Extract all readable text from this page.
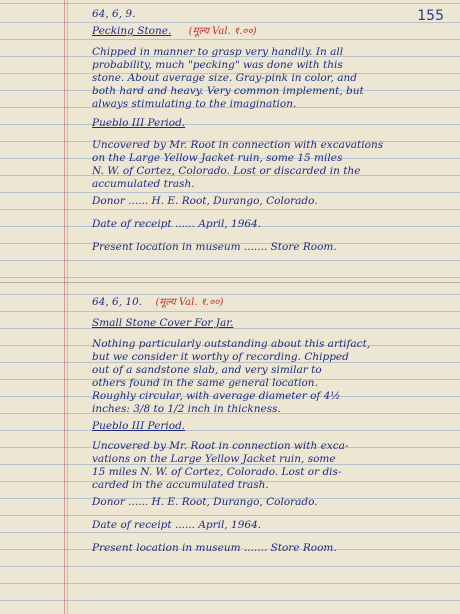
155
64, 6, 9.
Pecking Stone. (मूल्य Val. १.००)
Chipped in manner to grasp very handily. In all
probability, much "pecking" was done with this
stone. About average size. Gray-pink in color, and
both hard and heavy. Very common implement, but
always stimulating to the imagination.
Pueblo III Period.
Uncovered by Mr. Root in connection with excavations
on the Large Yellow Jacket ruin, some 15 miles
N. W. of Cortez, Colorado. Lost or discarded in the
accumulated trash.
Donor ...... H. E. Root, Durango, Colorado.
Date of receipt ...... April, 1964.
Present location in museum ....... Store Room.
64, 6, 10. (मूल्य Val. १.००)
Small Stone Cover For Jar.
Nothing particularly outstanding about this artifact,
but we consider it worthy of recording. Chipped
out of a sandstone slab, and very similar to
others found in the same general location.
Roughly circular, with average diameter of 4½
inches: 3/8 to 1/2 inch in thickness.
Pueblo III Period.
Uncovered by Mr. Root in connection with exca-
vations on the Large Yellow Jacket ruin, some
15 miles N. W. of Cortez, Colorado. Lost or dis-
carded in the accumulated trash.
Donor ...... H. E. Root, Durango, Colorado.
Date of receipt ...... April, 1964.
Present location in museum ....... Store Room.
